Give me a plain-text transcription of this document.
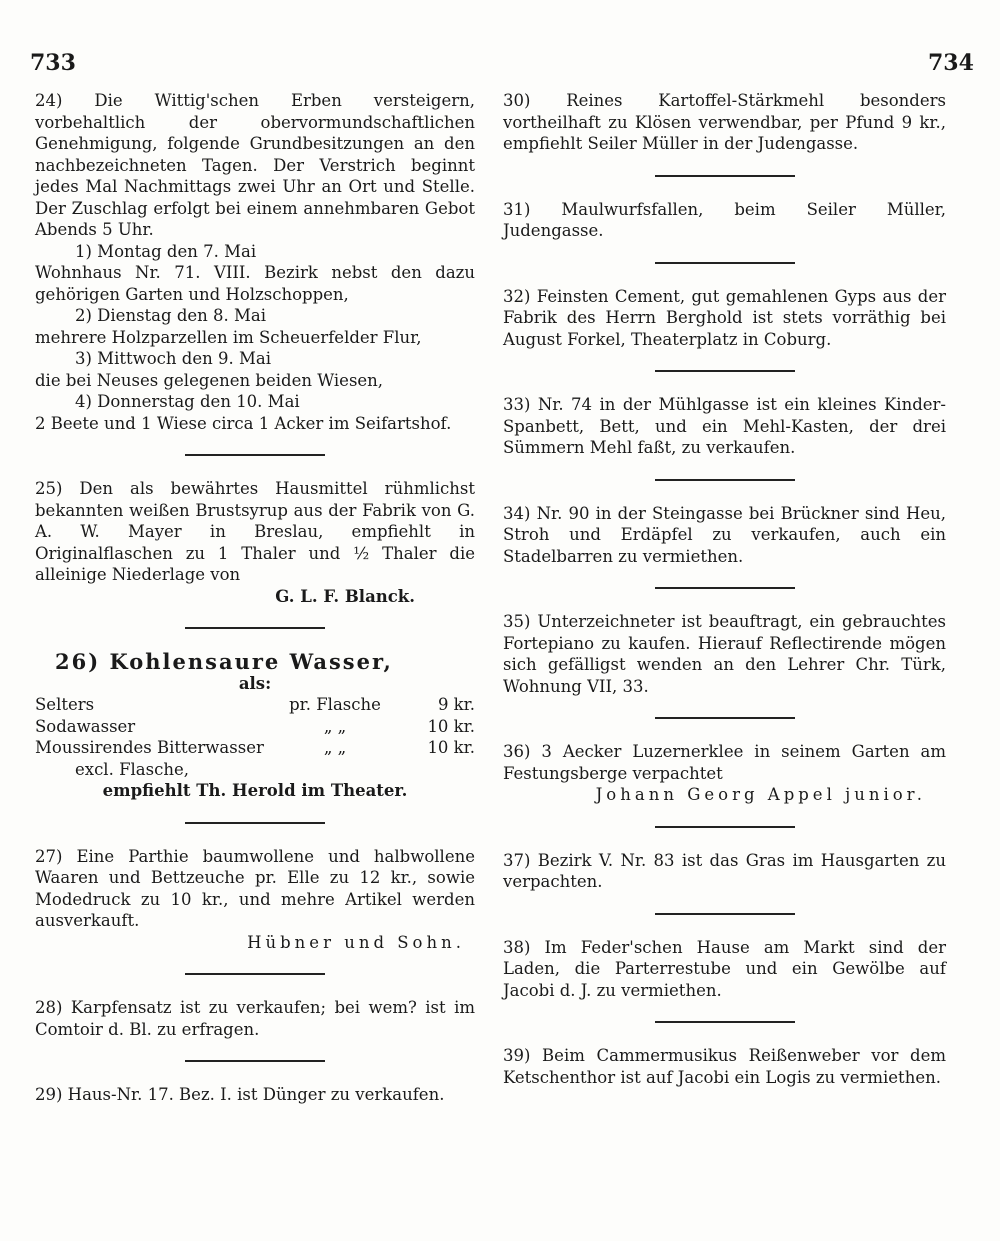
733	734

24) Die Wittig'schen Erben versteigern, vorbehaltlich der obervormundschaftlichen Genehmigung, folgende Grundbesitzungen an den nachbezeichneten Tagen. Der Verstrich beginnt jedes Mal Nachmittags zwei Uhr an Ort und Stelle. Der Zuschlag erfolgt bei einem annehmbaren Gebot Abends 5 Uhr.

1) Montag den 7. Mai

Wohnhaus Nr. 71. VIII. Bezirk nebst den dazu gehörigen Garten und Holzschoppen,

2) Dienstag den 8. Mai

mehrere Holzparzellen im Scheuerfelder Flur,

3) Mittwoch den 9. Mai

die bei Neuses gelegenen beiden Wiesen,

4) Donnerstag den 10. Mai

2 Beete und 1 Wiese circa 1 Acker im Seifartshof.

25) Den als bewährtes Hausmittel rühmlichst bekannten weißen Brustsyrup aus der Fabrik von G. A. W. Mayer in Breslau, empfiehlt in Originalflaschen zu 1 Thaler und ½ Thaler die alleinige Niederlage von

G. L. F. Blanck.

26) Kohlensaure Wasser,

als:

Selters	pr. Flasche	9 kr.
Sodawasser	„ „	10 kr.
Moussirendes Bitterwasser	„ „	10 kr.

excl. Flasche,

empfiehlt Th. Herold im Theater.

27) Eine Parthie baumwollene und halbwollene Waaren und Bettzeuche pr. Elle zu 12 kr., sowie Modedruck zu 10 kr., und mehre Artikel werden ausverkauft.

Hübner und Sohn.

28) Karpfensatz ist zu verkaufen; bei wem? ist im Comtoir d. Bl. zu erfragen.

29) Haus-Nr. 17. Bez. I. ist Dünger zu verkaufen.

30) Reines Kartoffel-Stärkmehl besonders vortheilhaft zu Klösen verwendbar, per Pfund 9 kr., empfiehlt Seiler Müller in der Judengasse.

31) Maulwurfsfallen, beim Seiler Müller, Judengasse.

32) Feinsten Cement, gut gemahlenen Gyps aus der Fabrik des Herrn Berghold ist stets vorräthig bei August Forkel, Theaterplatz in Coburg.

33) Nr. 74 in der Mühlgasse ist ein kleines Kinder-Spanbett, Bett, und ein Mehl-Kasten, der drei Sümmern Mehl faßt, zu verkaufen.

34) Nr. 90 in der Steingasse bei Brückner sind Heu, Stroh und Erdäpfel zu verkaufen, auch ein Stadelbarren zu vermiethen.

35) Unterzeichneter ist beauftragt, ein gebrauchtes Fortepiano zu kaufen. Hierauf Reflectirende mögen sich gefälligst wenden an den Lehrer Chr. Türk, Wohnung VII, 33.

36) 3 Aecker Luzernerklee in seinem Garten am Festungsberge verpachtet

Johann Georg Appel junior.

37) Bezirk V. Nr. 83 ist das Gras im Hausgarten zu verpachten.

38) Im Feder'schen Hause am Markt sind der Laden, die Parterrestube und ein Gewölbe auf Jacobi d. J. zu vermiethen.

39) Beim Cammermusikus Reißenweber vor dem Ketschenthor ist auf Jacobi ein Logis zu vermiethen.
